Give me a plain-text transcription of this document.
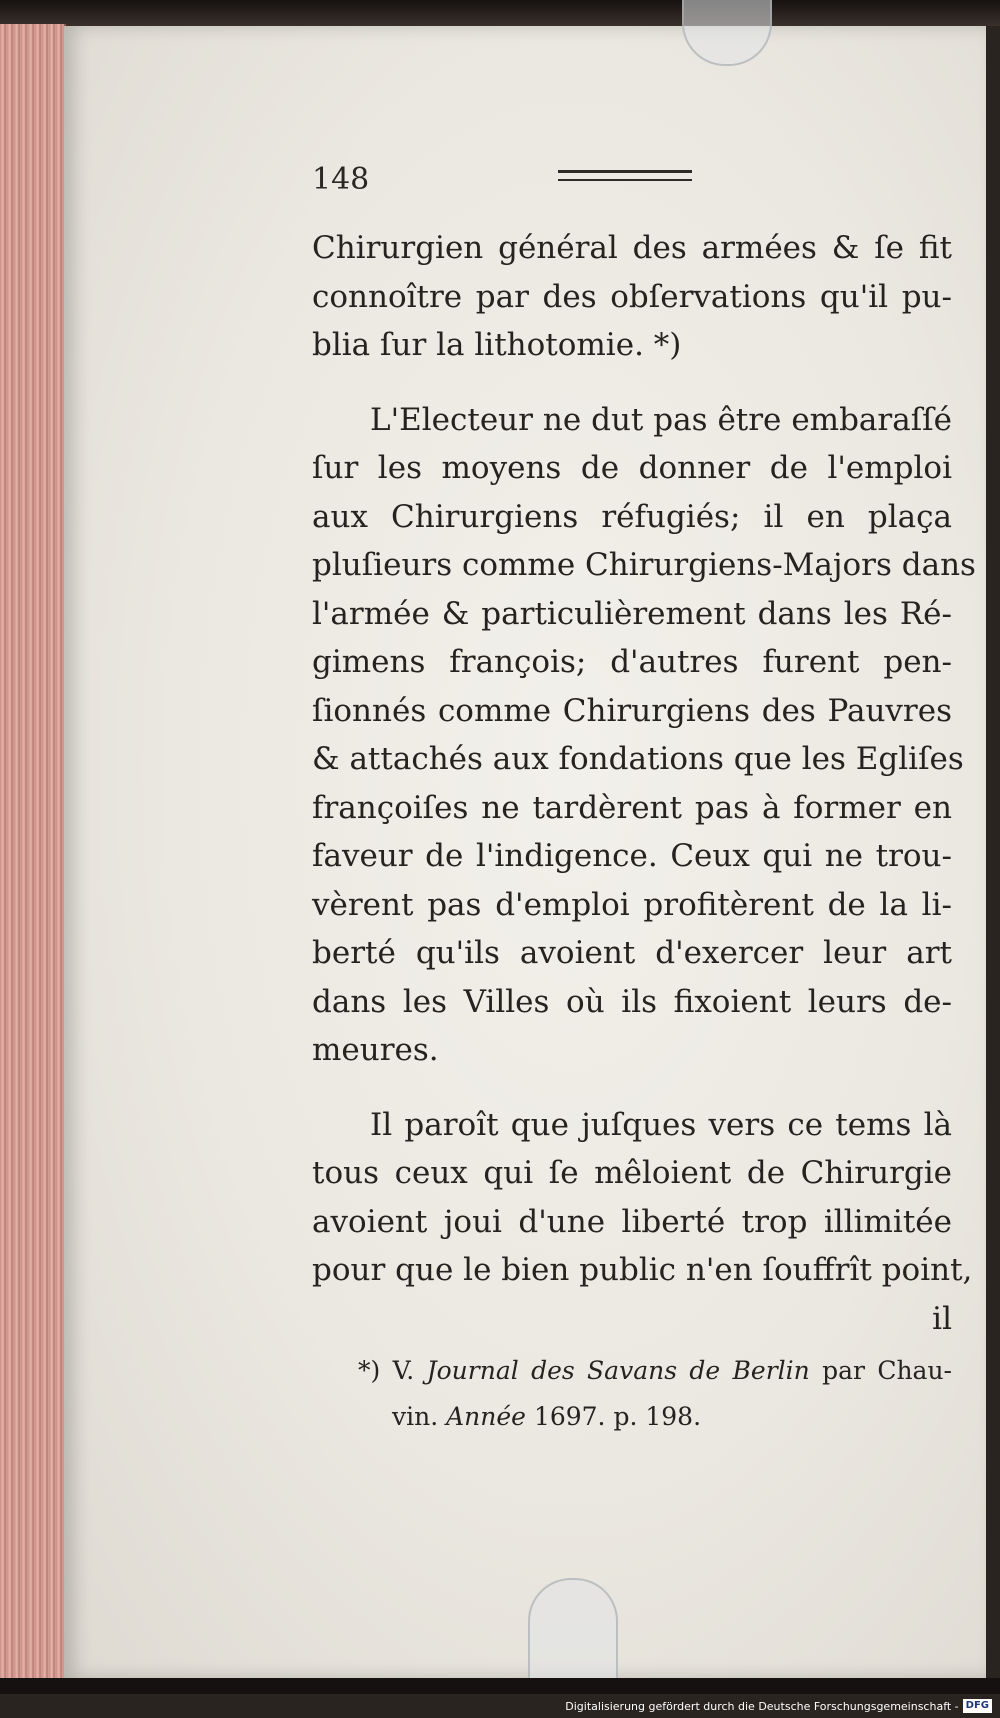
148
Chirurgien général des armées & ſe fit
connoître par des obſervations qu'il pu-
blia ſur la lithotomie. *)
L'Electeur ne dut pas être embaraſſé
ſur les moyens de donner de l'emploi
aux Chirurgiens réfugiés; il en plaça
pluſieurs comme Chirurgiens-Majors dans
l'armée & particulièrement dans les Ré-
gimens françois; d'autres furent pen-
ſionnés comme Chirurgiens des Pauvres
& attachés aux fondations que les Egliſes
françoiſes ne tardèrent pas à former en
faveur de l'indigence. Ceux qui ne trou-
vèrent pas d'emploi profitèrent de la li-
berté qu'ils avoient d'exercer leur art
dans les Villes où ils fixoient leurs de-
meures.
Il paroît que juſques vers ce tems là
tous ceux qui ſe mêloient de Chirurgie
avoient joui d'une liberté trop illimitée
pour que le bien public n'en ſouffrît point,
il
*) V. Journal des Savans de Berlin par Chau-
vin. Année 1697. p. 198.
Digitalisierung gefördert durch die Deutsche Forschungsgemeinschaft - DFG
